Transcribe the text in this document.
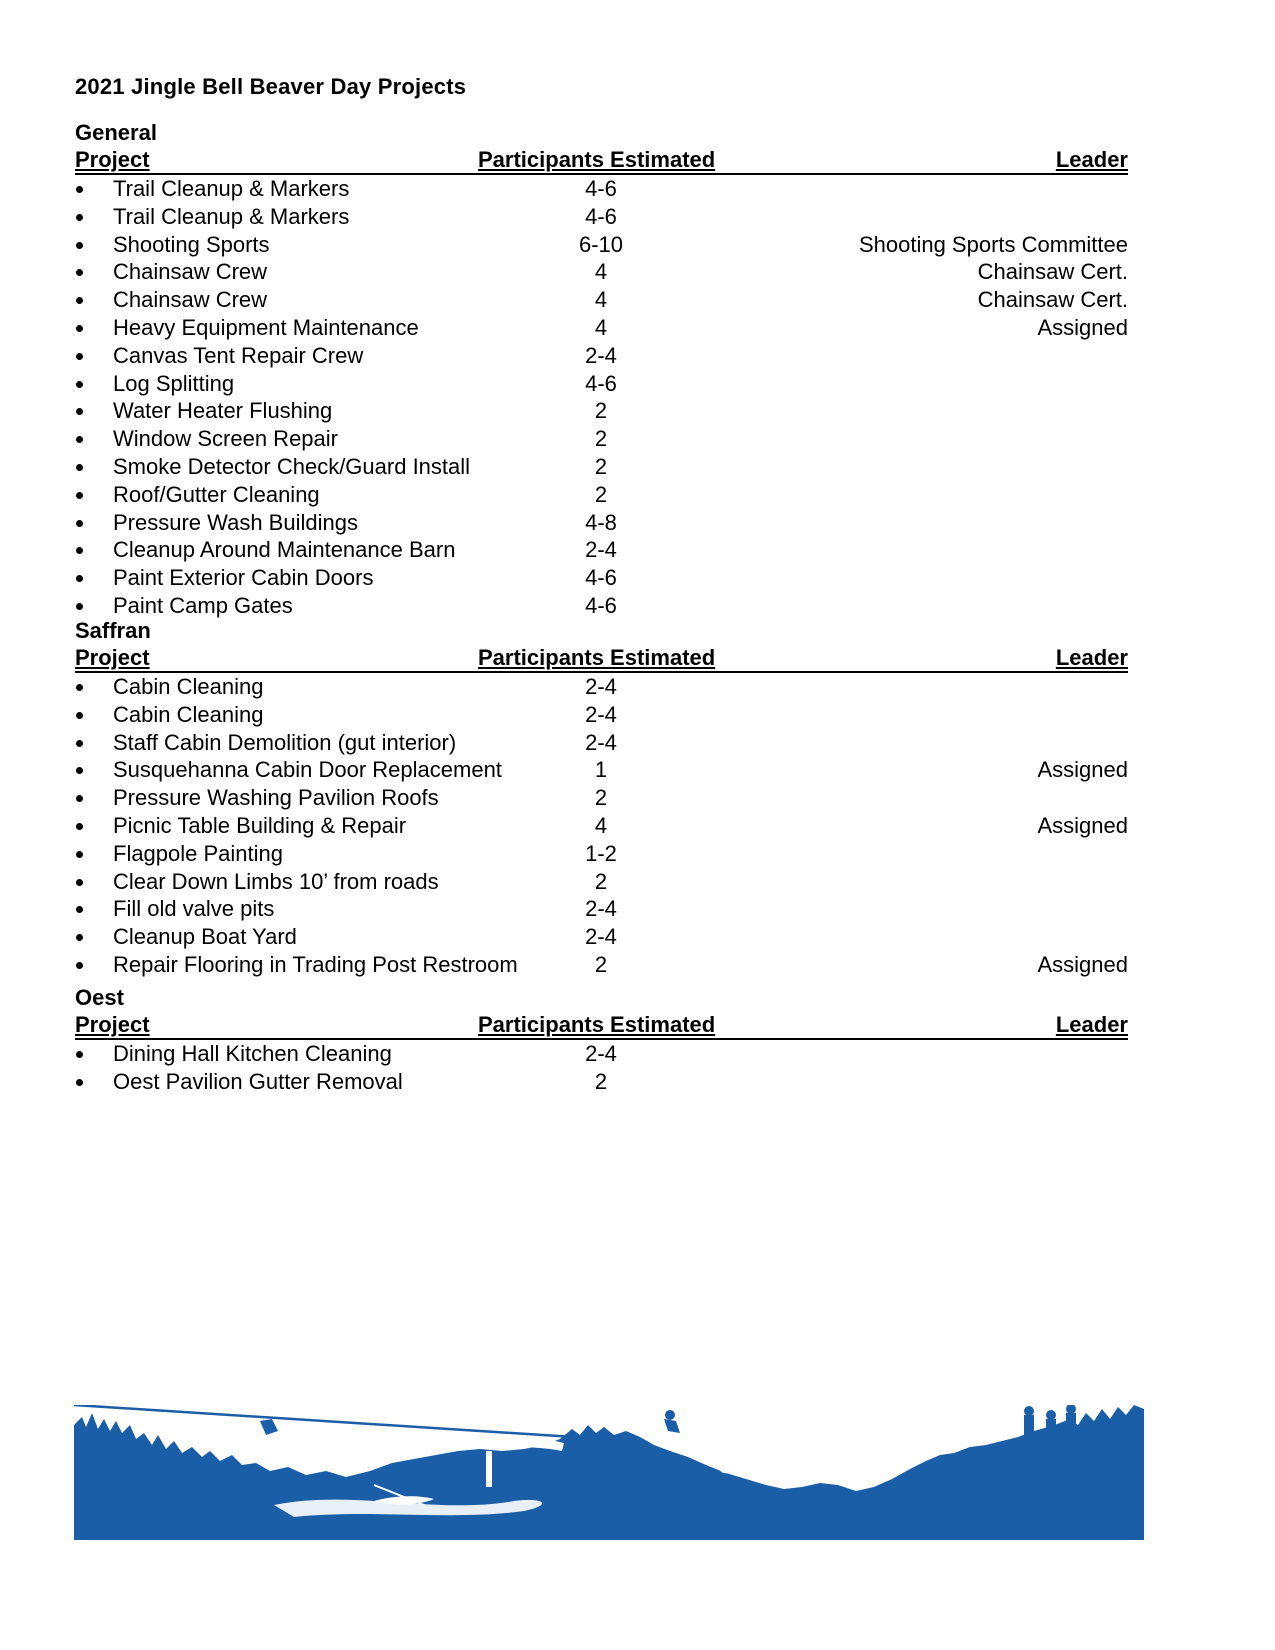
2021 Jingle Bell Beaver Day Projects
General
Project	Participants Estimated	Leader
Trail Cleanup & Markers	4-6
Trail Cleanup & Markers	4-6
Shooting Sports	6-10	Shooting Sports Committee
Chainsaw Crew	4	Chainsaw Cert.
Chainsaw Crew	4	Chainsaw Cert.
Heavy Equipment Maintenance	4	Assigned
Canvas Tent Repair Crew	2-4
Log Splitting	4-6
Water Heater Flushing	2
Window Screen Repair	2
Smoke Detector Check/Guard Install	2
Roof/Gutter Cleaning	2
Pressure Wash Buildings	4-8
Cleanup Around Maintenance Barn	2-4
Paint Exterior Cabin Doors	4-6
Paint Camp Gates	4-6
Saffran
Project	Participants Estimated	Leader
Cabin Cleaning	2-4
Cabin Cleaning	2-4
Staff Cabin Demolition (gut interior)	2-4
Susquehanna Cabin Door Replacement	1	Assigned
Pressure Washing Pavilion Roofs	2
Picnic Table Building & Repair	4	Assigned
Flagpole Painting	1-2
Clear Down Limbs 10’ from roads	2
Fill old valve pits	2-4
Cleanup Boat Yard	2-4
Repair Flooring in Trading Post Restroom	2	Assigned
Oest
Project	Participants Estimated	Leader
Dining Hall Kitchen Cleaning	2-4
Oest Pavilion Gutter Removal	2
